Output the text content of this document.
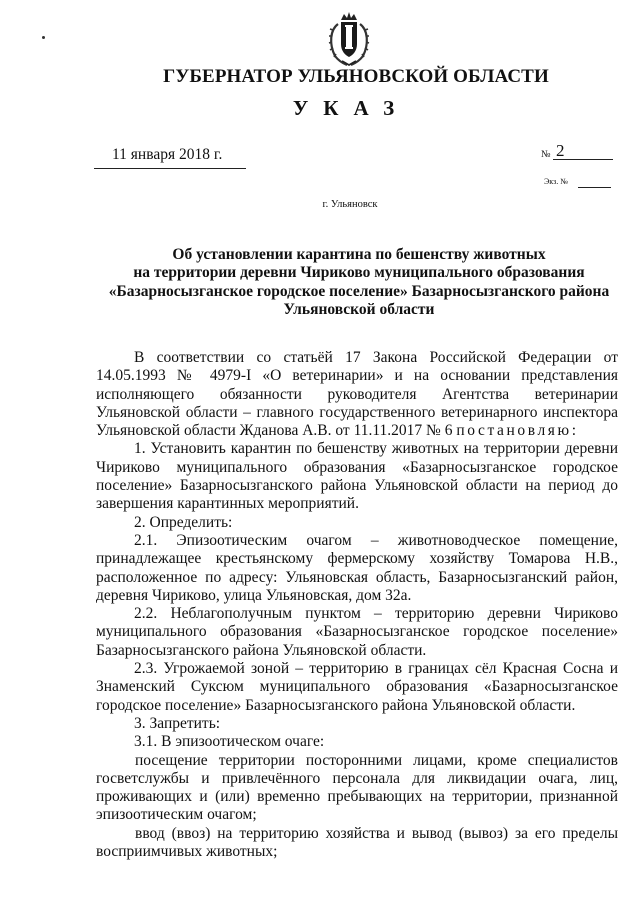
ГУБЕРНАТОР УЛЬЯНОВСКОЙ ОБЛАСТИ
УКАЗ
11 января 2018 г.	№ 2
Экз. №
г. Ульяновск
Об установлении карантина по бешенству животных
на территории деревни Чириково муниципального образования
«Базарносызганское городское поселение» Базарносызганского района
Ульяновской области

В соответствии со статьёй 17 Закона Российской Федерации от 14.05.1993 № 4979-I «О ветеринарии» и на основании представления исполняющего обязанности руководителя Агентства ветеринарии Ульяновской области – главного государственного ветеринарного инспектора Ульяновской области Жданова А.В. от 11.11.2017 № 6 постановляю:

1. Установить карантин по бешенству животных на территории деревни Чириково муниципального образования «Базарносызганское городское поселение» Базарносызганского района Ульяновской области на период до завершения карантинных мероприятий.

2. Определить:

2.1. Эпизоотическим очагом – животноводческое помещение, принадлежащее крестьянскому фермерскому хозяйству Томарова Н.В., расположенное по адресу: Ульяновская область, Базарносызганский район, деревня Чириково, улица Ульяновская, дом 32а.

2.2. Неблагополучным пунктом – территорию деревни Чириково муниципального образования «Базарносызганское городское поселение» Базарносызганского района Ульяновской области.

2.3. Угрожаемой зоной – территорию в границах сёл Красная Сосна и Знаменский Суксюм муниципального образования «Базарносызганское городское поселение» Базарносызганского района Ульяновской области.

3. Запретить:

3.1. В эпизоотическом очаге:

посещение территории посторонними лицами, кроме специалистов госветслужбы и привлечённого персонала для ликвидации очага, лиц, проживающих и (или) временно пребывающих на территории, признанной эпизоотическим очагом;

ввод (ввоз) на территорию хозяйства и вывод (вывоз) за его пределы восприимчивых животных;
